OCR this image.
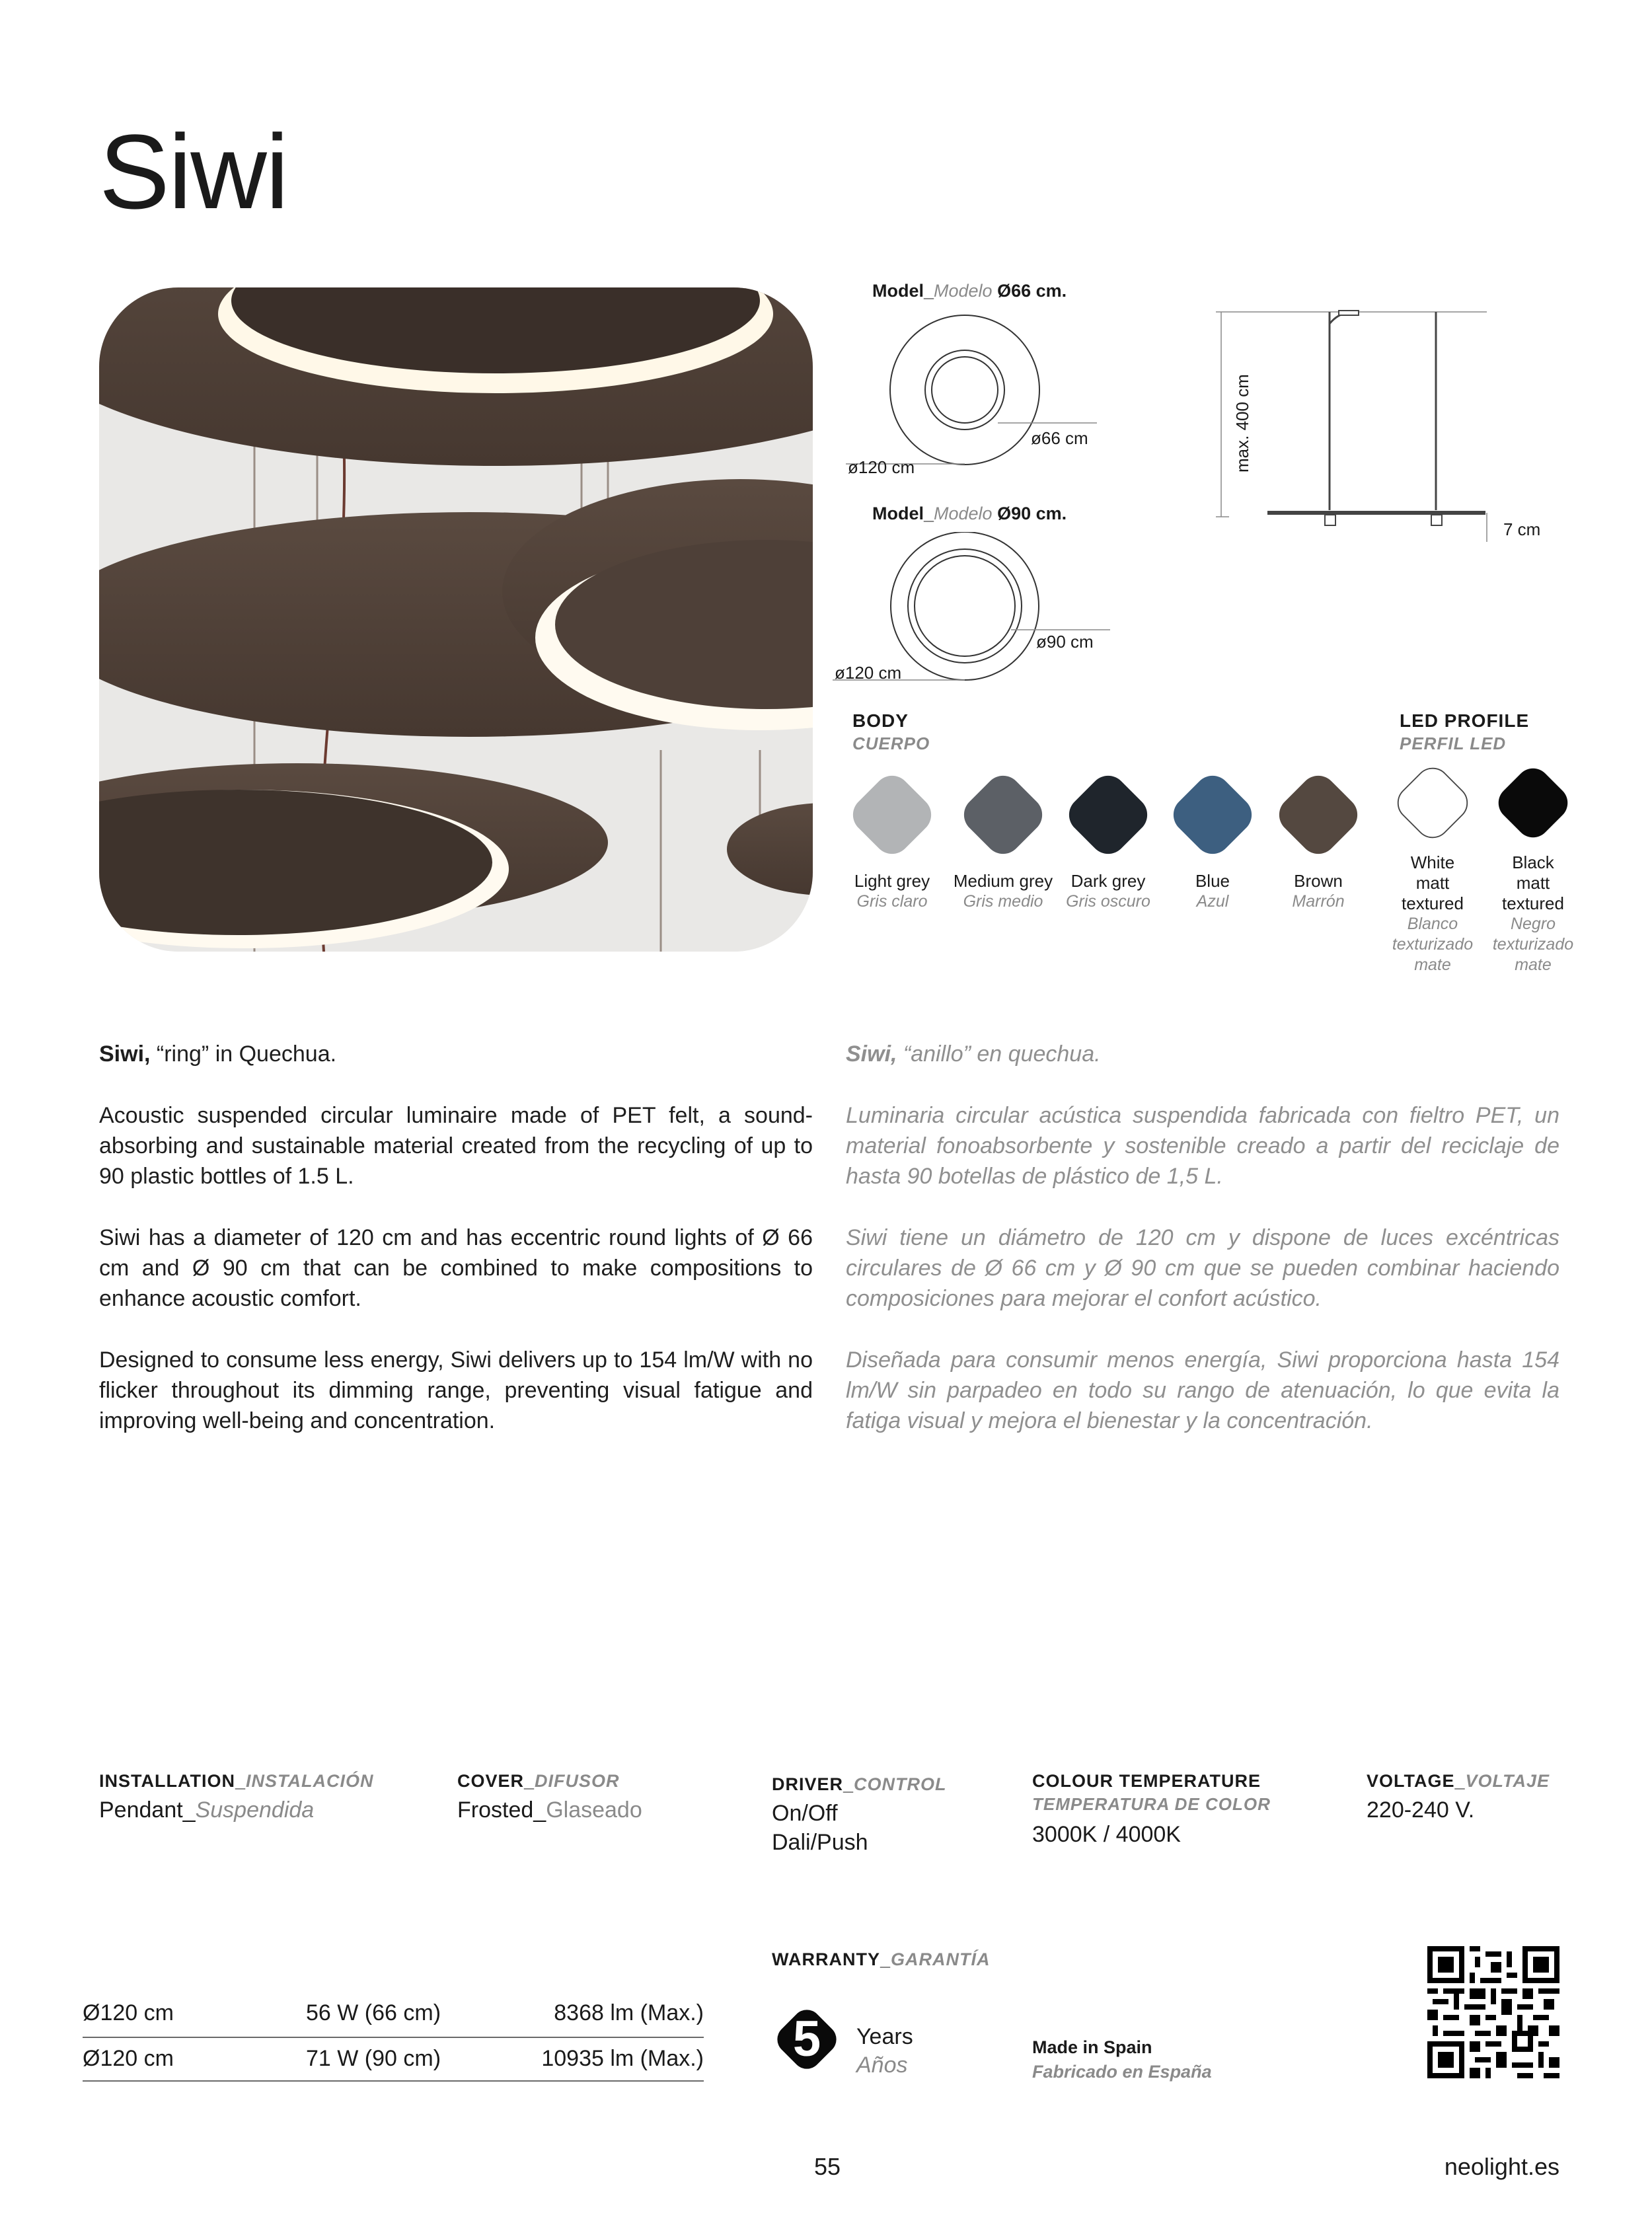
Siwi
Model_Modelo Ø66 cm.
ø66 cm
ø120 cm
Model_Modelo Ø90 cm.
ø90 cm
ø120 cm
max. 400 cm
7 cm
BODY
CUERPO
Light grey
Gris claro
Medium grey
Gris medio
Dark grey
Gris oscuro
Blue
Azul
Brown
Marrón
LED PROFILE
PERFIL LED
White
matt
textured
Blanco
texturizado
mate
Black
matt
textured
Negro
texturizado
mate

Siwi, “ring” in Quechua.

Acoustic suspended circular luminaire made of PET felt, a sound-absorbing and sustainable material created from the recycling of up to 90 plastic bottles of 1.5 L.

Siwi has a diameter of 120 cm and has eccentric round lights of Ø 66 cm and Ø 90 cm that can be combined to make compositions to enhance acoustic comfort.

Designed to consume less energy, Siwi delivers up to 154 lm/W with no flicker throughout its dimming range, preventing visual fatigue and improving well-being and concentration.

Siwi, “anillo” en quechua.

Luminaria circular acústica suspendida fabricada con fieltro PET, un material fonoabsorbente y sostenible creado a partir del reciclaje de hasta 90 botellas de plástico de 1,5 L.

Siwi tiene un diámetro de 120 cm y dispone de luces excéntricas circulares de Ø 66 cm y Ø 90 cm que se pueden combinar haciendo composiciones para mejorar el confort acústico.

Diseñada para consumir menos energía, Siwi proporciona hasta 154 lm/W sin parpadeo en todo su rango de atenuación, lo que evita la fatiga visual y mejora el bienestar y la concentración.

INSTALLATION_INSTALACIÓN
Pendant_Suspendida
COVER_DIFUSOR
Frosted_Glaseado
DRIVER_CONTROL
On/Off
Dali/Push
COLOUR TEMPERATURE
TEMPERATURA DE COLOR
3000K / 4000K
VOLTAGE_VOLTAJE
220-240 V.
Ø120 cm	56 W (66 cm)	8368 lm (Max.)
Ø120 cm	71 W (90 cm)	10935 lm (Max.)
WARRANTY_GARANTÍA
5	Years
Años
Made in Spain
Fabricado en España
55	neolight.es
